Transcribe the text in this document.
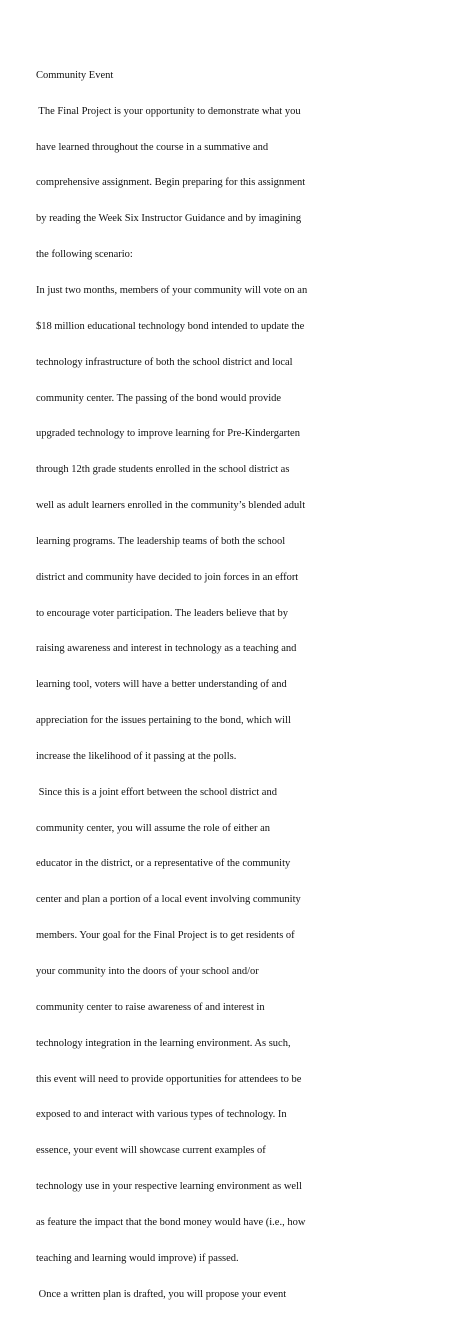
Community Event

The Final Project is your opportunity to demonstrate what you

have learned throughout the course in a summative and

comprehensive assignment. Begin preparing for this assignment

by reading the Week Six Instructor Guidance and by imagining

the following scenario:

In just two months, members of your community will vote on an

$18 million educational technology bond intended to update the

technology infrastructure of both the school district and local

community center. The passing of the bond would provide

upgraded technology to improve learning for Pre-Kindergarten

through 12th grade students enrolled in the school district as

well as adult learners enrolled in the community’s blended adult

learning programs. The leadership teams of both the school

district and community have decided to join forces in an effort

to encourage voter participation. The leaders believe that by

raising awareness and interest in technology as a teaching and

learning tool, voters will have a better understanding of and

appreciation for the issues pertaining to the bond, which will

increase the likelihood of it passing at the polls.

Since this is a joint effort between the school district and

community center, you will assume the role of either an

educator in the district, or a representative of the community

center and plan a portion of a local event involving community

members. Your goal for the Final Project is to get residents of

your community into the doors of your school and/or

community center to raise awareness of and interest in

technology integration in the learning environment. As such,

this event will need to provide opportunities for attendees to be

exposed to and interact with various types of technology. In

essence, your event will showcase current examples of

technology use in your respective learning environment as well

as feature the impact that the bond money would have (i.e., how

teaching and learning would improve) if passed.

Once a written plan is drafted, you will propose your event
